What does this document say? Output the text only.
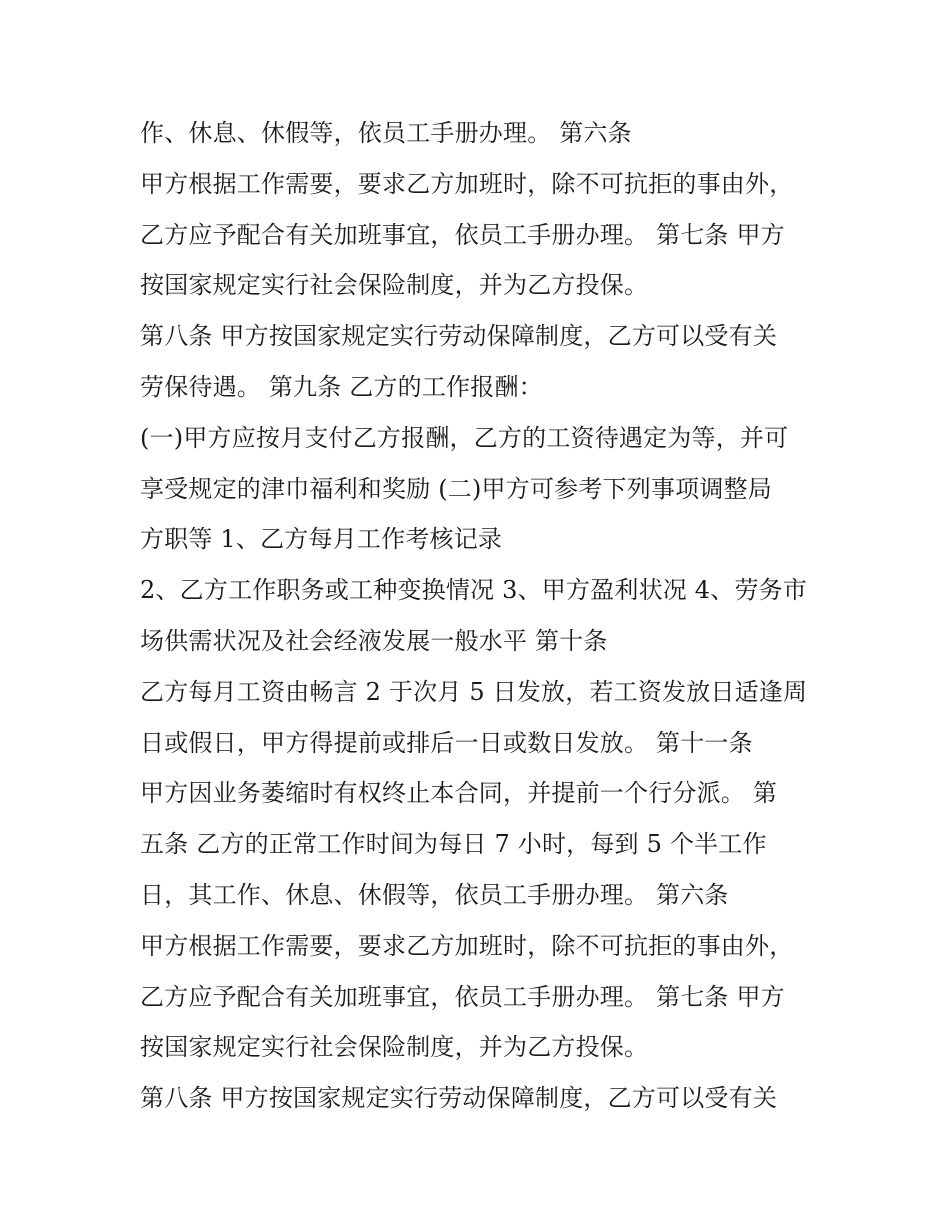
作、休息、休假等，依员工手册办理。 第六条
甲方根据工作需要，要求乙方加班时，除不可抗拒的事由外，
乙方应予配合有关加班事宜，依员工手册办理。 第七条 甲方
按国家规定实行社会保险制度，并为乙方投保。
第八条 甲方按国家规定实行劳动保障制度，乙方可以受有关
劳保待遇。 第九条 乙方的工作报酬：
(一)甲方应按月支付乙方报酬，乙方的工资待遇定为等，并可
享受规定的津巾福利和奖励 (二)甲方可参考下列事项调整局
方职等 1、乙方每月工作考核记录
2、乙方工作职务或工种变换情况 3、甲方盈利状况 4、劳务市
场供需状况及社会经液发展一般水平 第十条
乙方每月工资由畅言 2 于次月 5 日发放，若工资发放日适逢周
日或假日，甲方得提前或排后一日或数日发放。 第十一条
甲方因业务萎缩时有权终止本合同，并提前一个行分派。 第
五条 乙方的正常工作时间为每日 7 小时，每到 5 个半工作
日，其工作、休息、休假等，依员工手册办理。 第六条
甲方根据工作需要，要求乙方加班时，除不可抗拒的事由外，
乙方应予配合有关加班事宜，依员工手册办理。 第七条 甲方
按国家规定实行社会保险制度，并为乙方投保。
第八条 甲方按国家规定实行劳动保障制度，乙方可以受有关
